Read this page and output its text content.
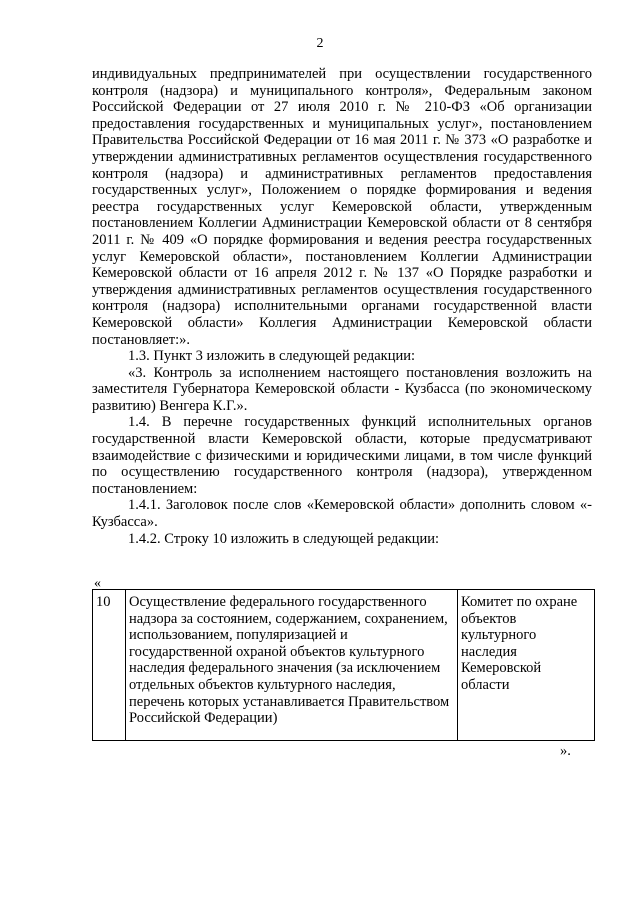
2

индивидуальных предпринимателей при осуществлении государственного контроля (надзора) и муниципального контроля», Федеральным законом Российской Федерации от 27 июля 2010 г. № 210-ФЗ «Об организации предоставления государственных и муниципальных услуг», постановлением Правительства Российской Федерации от 16 мая 2011 г. № 373 «О разработке и утверждении административных регламентов осуществления государственного контроля (надзора) и административных регламентов предоставления государственных услуг», Положением о порядке формирования и ведения реестра государственных услуг Кемеровской области, утвержденным постановлением Коллегии Администрации Кемеровской области от 8 сентября 2011 г. № 409 «О порядке формирования и ведения реестра государственных услуг Кемеровской области», постановлением Коллегии Администрации Кемеровской области от 16 апреля 2012 г. № 137 «О Порядке разработки и утверждения административных регламентов осуществления государственного контроля (надзора) исполнительными органами государственной власти Кемеровской области» Коллегия Администрации Кемеровской области постановляет:».

1.3. Пункт 3 изложить в следующей редакции:

«3. Контроль за исполнением настоящего постановления возложить на заместителя Губернатора Кемеровской области - Кузбасса (по экономическому развитию) Венгера К.Г.».

1.4. В перечне государственных функций исполнительных органов государственной власти Кемеровской области, которые предусматривают взаимодействие с физическими и юридическими лицами, в том числе функций по осуществлению государственного контроля (надзора), утвержденном постановлением:

1.4.1. Заголовок после слов «Кемеровской области» дополнить словом «- Кузбасса».

1.4.2. Строку 10 изложить в следующей редакции:

«
10	Осуществление федерального государственного надзора за состоянием, содержанием, сохранением, использованием, популяризацией и государственной охраной объектов культурного наследия федерального значения (за исключением отдельных объектов культурного наследия, перечень которых устанавливается Правительством Российской Федерации)	Комитет по охране объектов культурного наследия Кемеровской области
».
